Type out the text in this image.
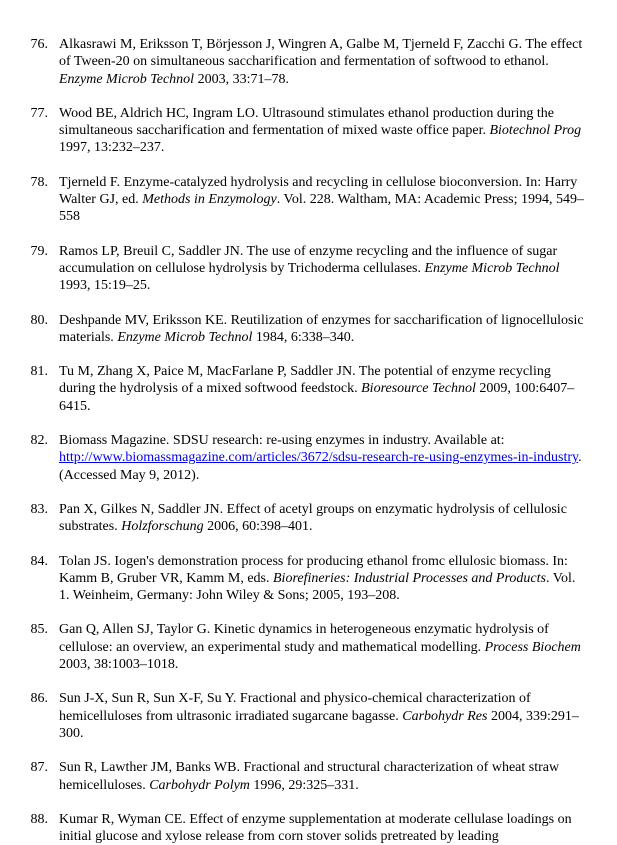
76. Alkasrawi M, Eriksson T, Börjesson J, Wingren A, Galbe M, Tjerneld F, Zacchi G. The effect of Tween-20 on simultaneous saccharification and fermentation of softwood to ethanol. Enzyme Microb Technol 2003, 33:71–78.
77. Wood BE, Aldrich HC, Ingram LO. Ultrasound stimulates ethanol production during the simultaneous saccharification and fermentation of mixed waste office paper. Biotechnol Prog 1997, 13:232–237.
78. Tjerneld F. Enzyme-catalyzed hydrolysis and recycling in cellulose bioconversion. In: Harry Walter GJ, ed. Methods in Enzymology. Vol. 228. Waltham, MA: Academic Press; 1994, 549–558
79. Ramos LP, Breuil C, Saddler JN. The use of enzyme recycling and the influence of sugar accumulation on cellulose hydrolysis by Trichoderma cellulases. Enzyme Microb Technol 1993, 15:19–25.
80. Deshpande MV, Eriksson KE. Reutilization of enzymes for saccharification of lignocellulosic materials. Enzyme Microb Technol 1984, 6:338–340.
81. Tu M, Zhang X, Paice M, MacFarlane P, Saddler JN. The potential of enzyme recycling during the hydrolysis of a mixed softwood feedstock. Bioresource Technol 2009, 100:6407–6415.
82. Biomass Magazine. SDSU research: re-using enzymes in industry. Available at: http://www.biomassmagazine.com/articles/3672/sdsu-research-re-using-enzymes-in-industry. (Accessed May 9, 2012).
83. Pan X, Gilkes N, Saddler JN. Effect of acetyl groups on enzymatic hydrolysis of cellulosic substrates. Holzforschung 2006, 60:398–401.
84. Tolan JS. Iogen's demonstration process for producing ethanol fromc ellulosic biomass. In: Kamm B, Gruber VR, Kamm M, eds. Biorefineries: Industrial Processes and Products. Vol. 1. Weinheim, Germany: John Wiley & Sons; 2005, 193–208.
85. Gan Q, Allen SJ, Taylor G. Kinetic dynamics in heterogeneous enzymatic hydrolysis of cellulose: an overview, an experimental study and mathematical modelling. Process Biochem 2003, 38:1003–1018.
86. Sun J-X, Sun R, Sun X-F, Su Y. Fractional and physico-chemical characterization of hemicelluloses from ultrasonic irradiated sugarcane bagasse. Carbohydr Res 2004, 339:291–300.
87. Sun R, Lawther JM, Banks WB. Fractional and structural characterization of wheat straw hemicelluloses. Carbohydr Polym 1996, 29:325–331.
88. Kumar R, Wyman CE. Effect of enzyme supplementation at moderate cellulase loadings on initial glucose and xylose release from corn stover solids pretreated by leading
